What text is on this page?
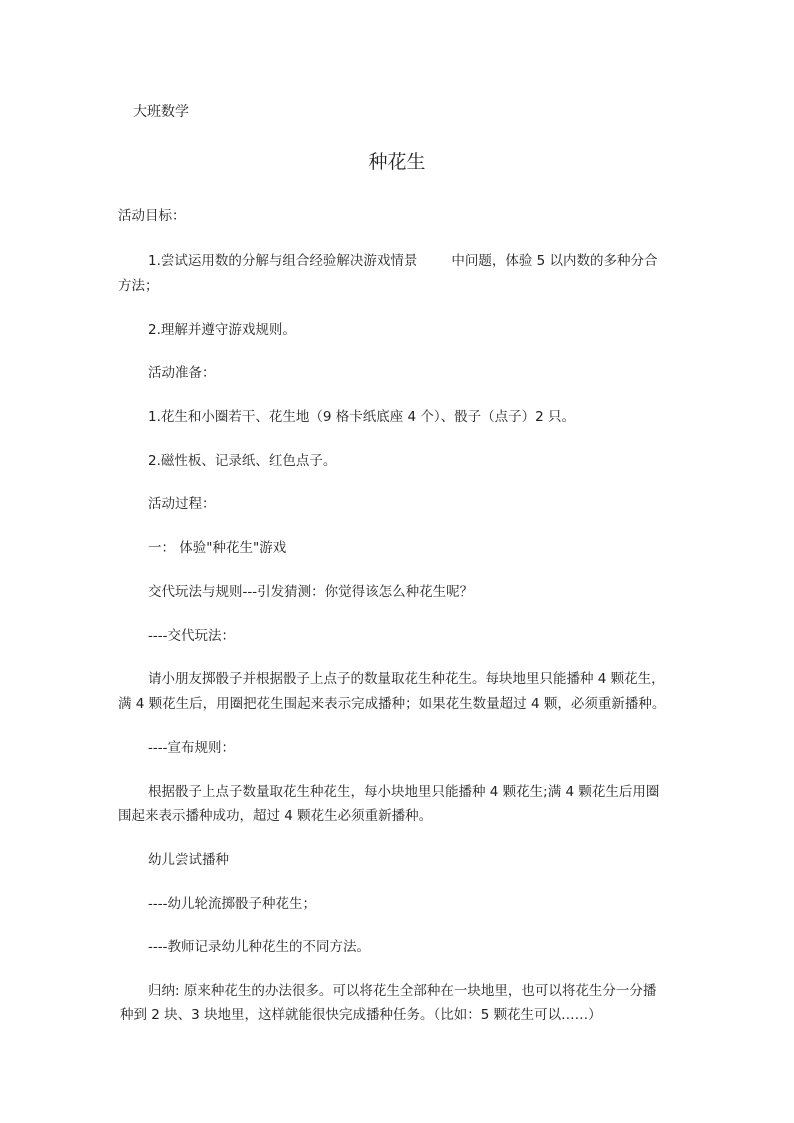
大班数学
种花生
活动目标：
1.尝试运用数的分解与组合经验解决游戏情景	中问题，体验 5 以内数的多种分合
方法；
2.理解并遵守游戏规则。
活动准备：
1.花生和小圈若干、花生地（9 格卡纸底座 4 个）、骰子（点子）2 只。
2.磁性板、记录纸、红色点子。
活动过程：
一： 体验"种花生"游戏
交代玩法与规则---引发猜测：你觉得该怎么种花生呢？
----交代玩法：
请小朋友掷骰子并根据骰子上点子的数量取花生种花生。每块地里只能播种 4 颗花生，
满 4 颗花生后，用圈把花生围起来表示完成播种；如果花生数量超过 4 颗，必须重新播种。
----宣布规则：
根据骰子上点子数量取花生种花生，每小块地里只能播种 4 颗花生;满 4 颗花生后用圈
围起来表示播种成功，超过 4 颗花生必须重新播种。
幼儿尝试播种
----幼儿轮流掷骰子种花生；
----教师记录幼儿种花生的不同方法。
归纳: 原来种花生的办法很多。可以将花生全部种在一块地里，也可以将花生分一分播
种到 2 块、3 块地里，这样就能很快完成播种任务。（比如：5 颗花生可以……）
